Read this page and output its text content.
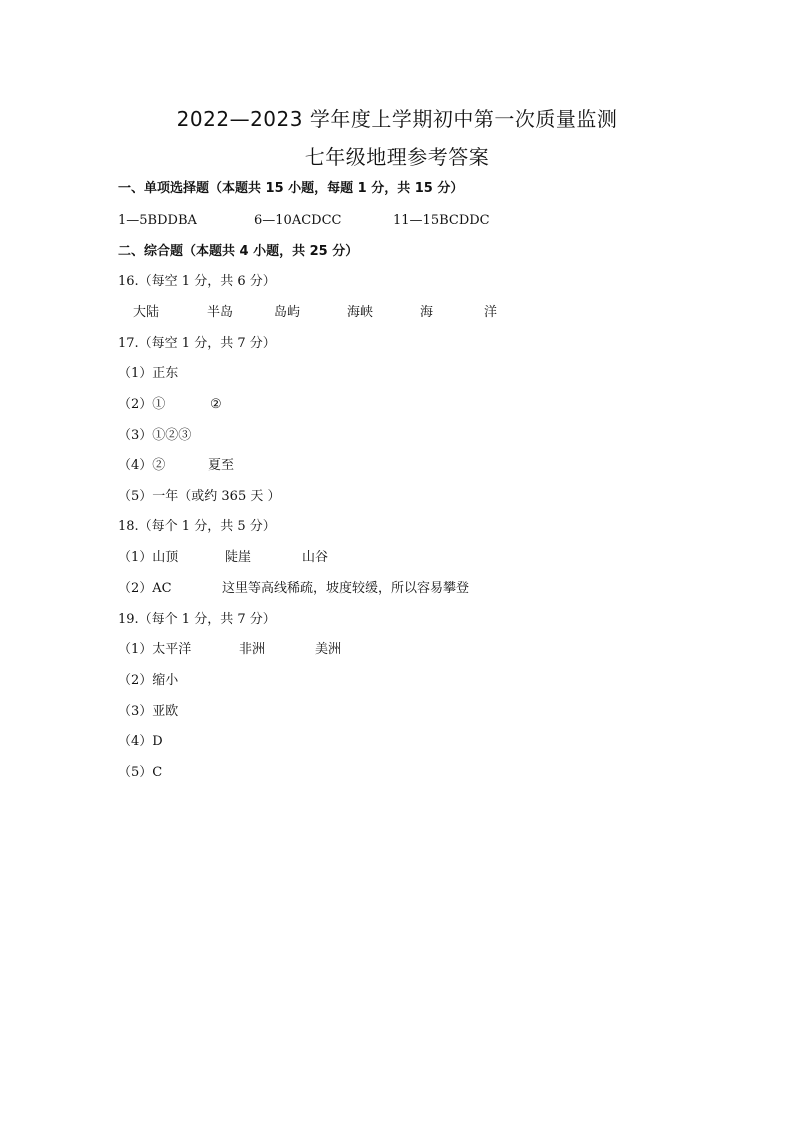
2022—2023 学年度上学期初中第一次质量监测
七年级地理参考答案
一、单项选择题（本题共 15 小题，每题 1 分，共 15 分）
1—5BDDBA	6—10ACDCC	11—15BCDDC
二、综合题（本题共 4 小题，共 25 分）
16.（每空 1 分，共 6 分）
大陆	半岛	岛屿	海峡	海	洋
17.（每空 1 分，共 7 分）
（1）正东
（2）①	②
（3）①②③
（4）②	夏至
（5）一年（或约 365 天 ）
18.（每个 1 分，共 5 分）
（1）山顶	陡崖	山谷
（2）AC	这里等高线稀疏，坡度较缓，所以容易攀登
19.（每个 1 分，共 7 分）
（1）太平洋	非洲	美洲
（2）缩小
（3）亚欧
（4）D
（5）C
